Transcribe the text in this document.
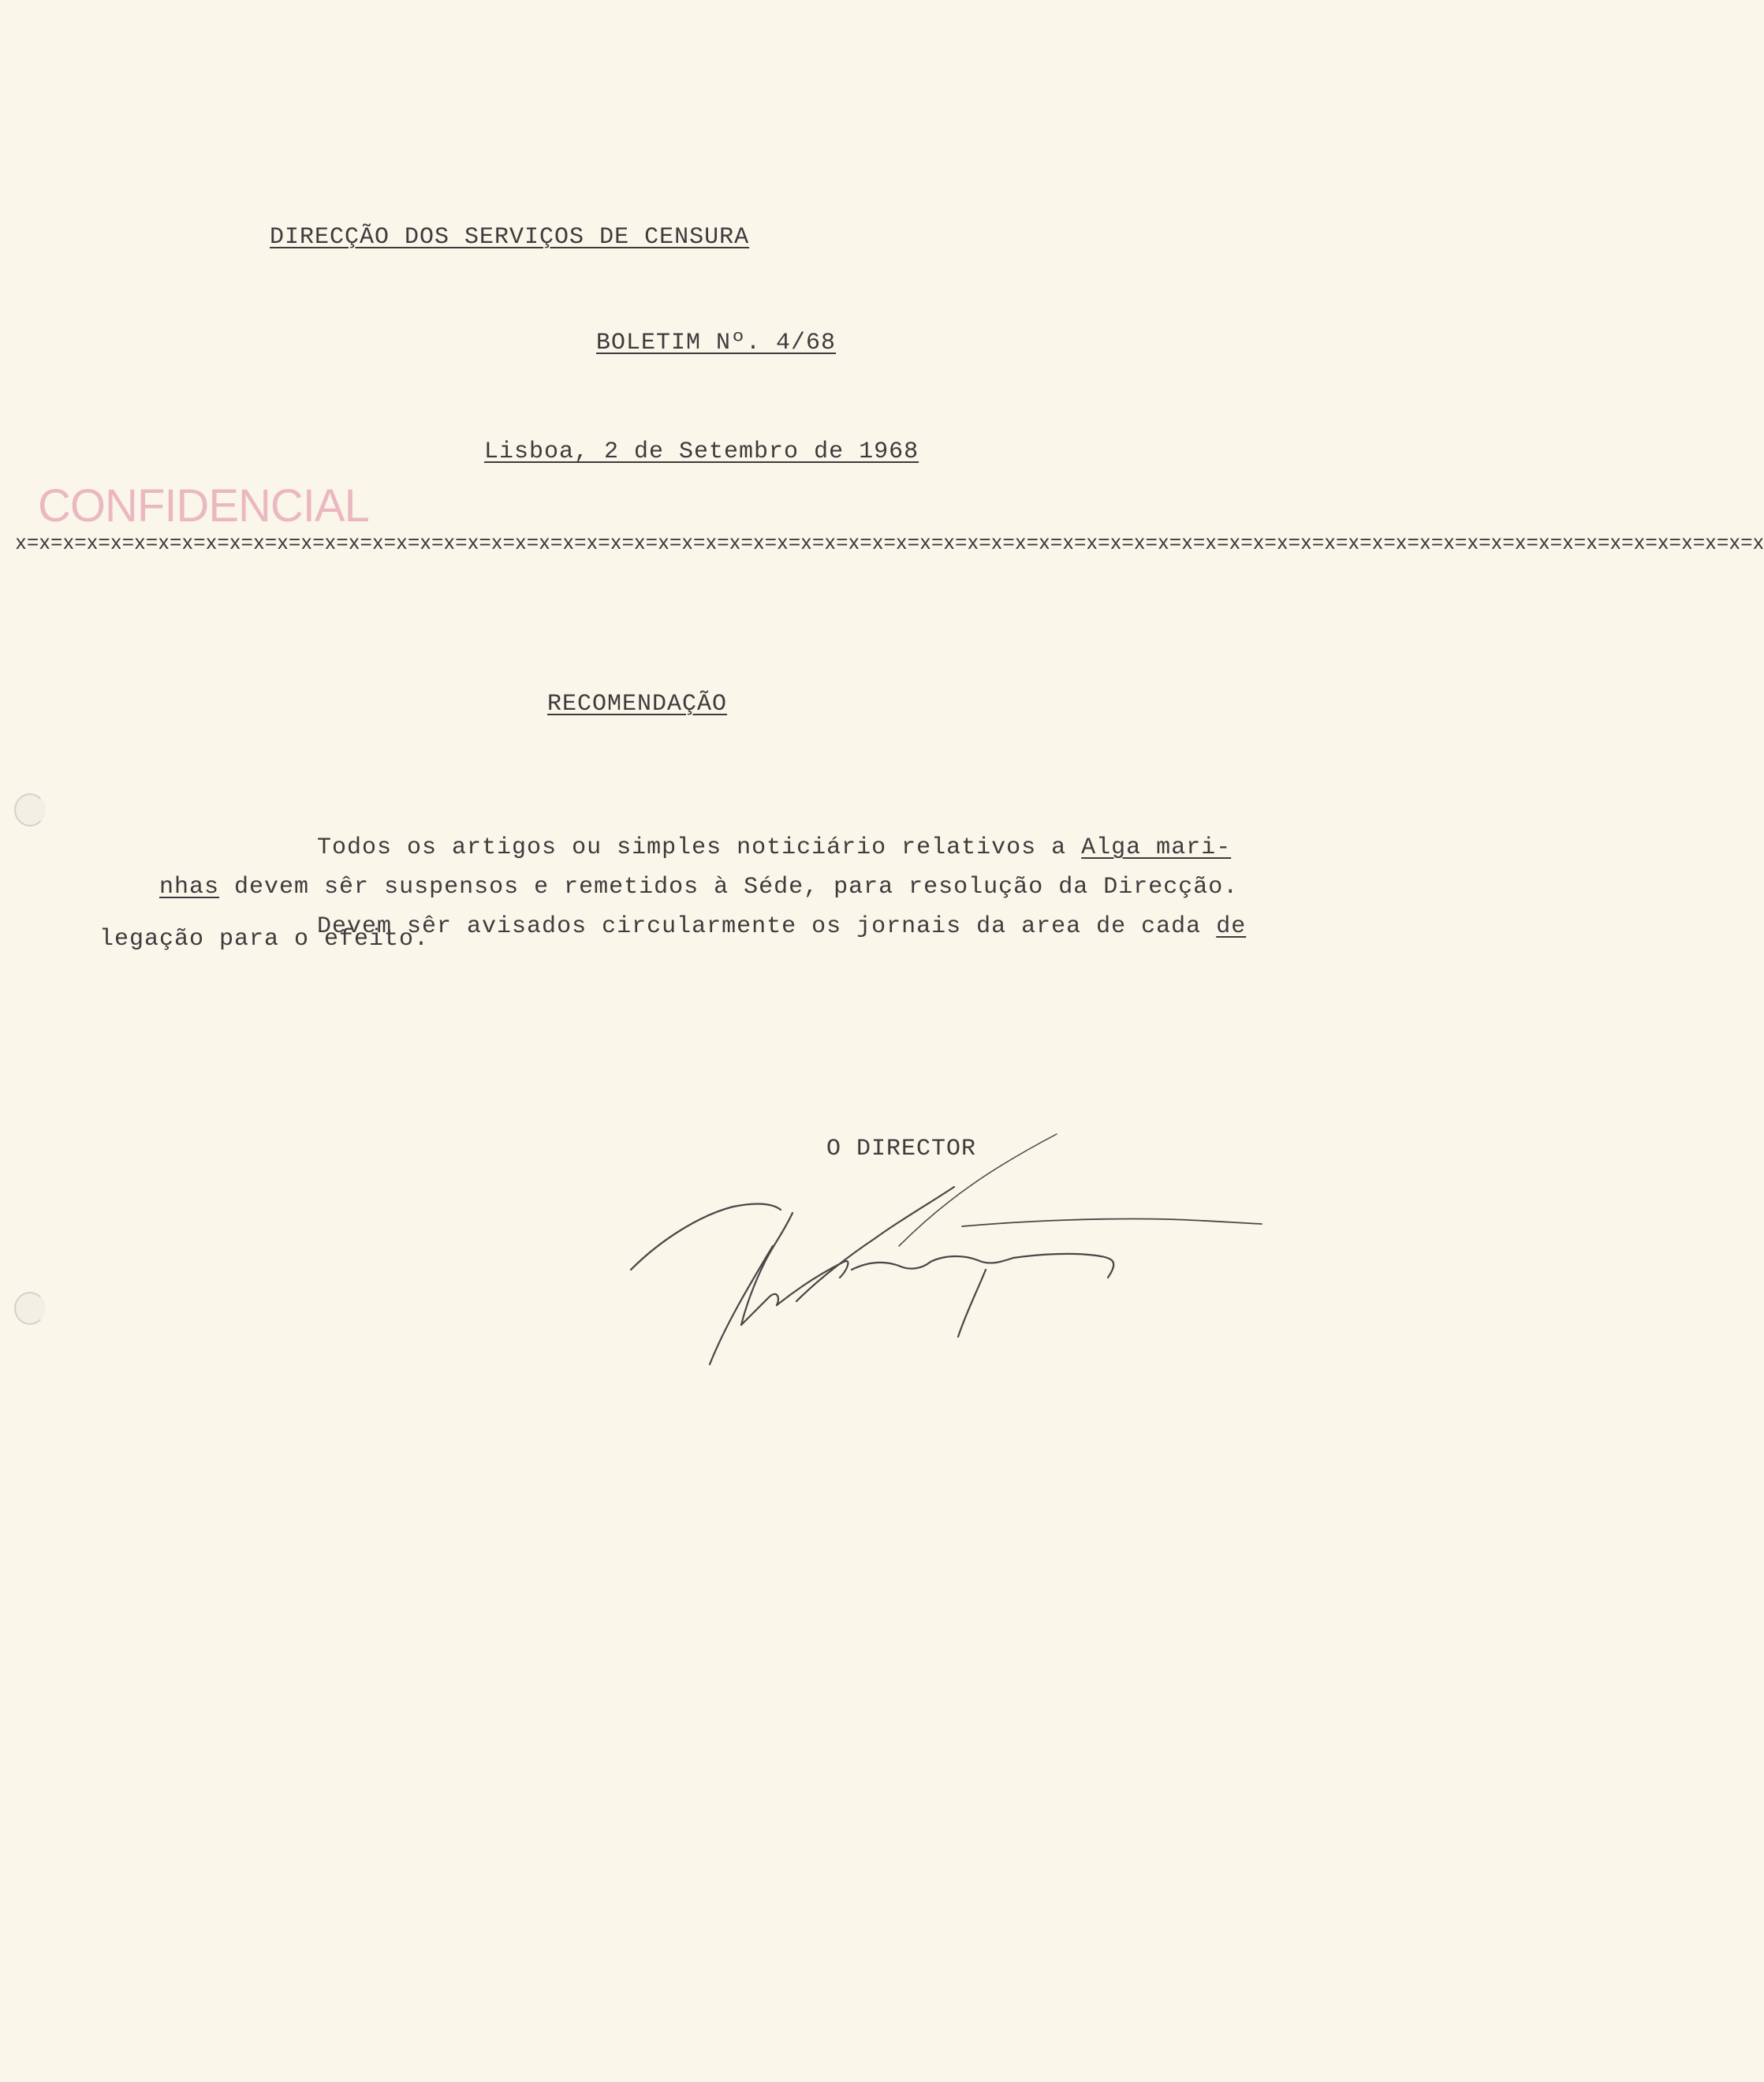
DIRECÇÃO DOS SERVIÇOS DE CENSURA
BOLETIM Nº. 4/68
Lisboa, 2 de Setembro de 1968
CONFIDENCIAL
x=x=x=x=x=x=x=x=x=x=x=x=x=x=x=x=x=x=x=x=x=x=x=x=x=x=x=x=x=x=x=x=x=x=x=x=x=x=x=x=x=x=x=x=x=x=x=x=x=x=x=x=x=x=x=x=x=x=x=x=x=x=x=x=x=x=x=x=x=x=x=x=x=x
RECOMENDAÇÃO

Todos os artigos ou simples noticiário relativos a Alga mari-

nhas devem sêr suspensos e remetidos à Séde, para resolução da Direcção.

Devem sêr avisados circularmente os jornais da area de cada de

legação para o efeito.
O DIRECTOR
